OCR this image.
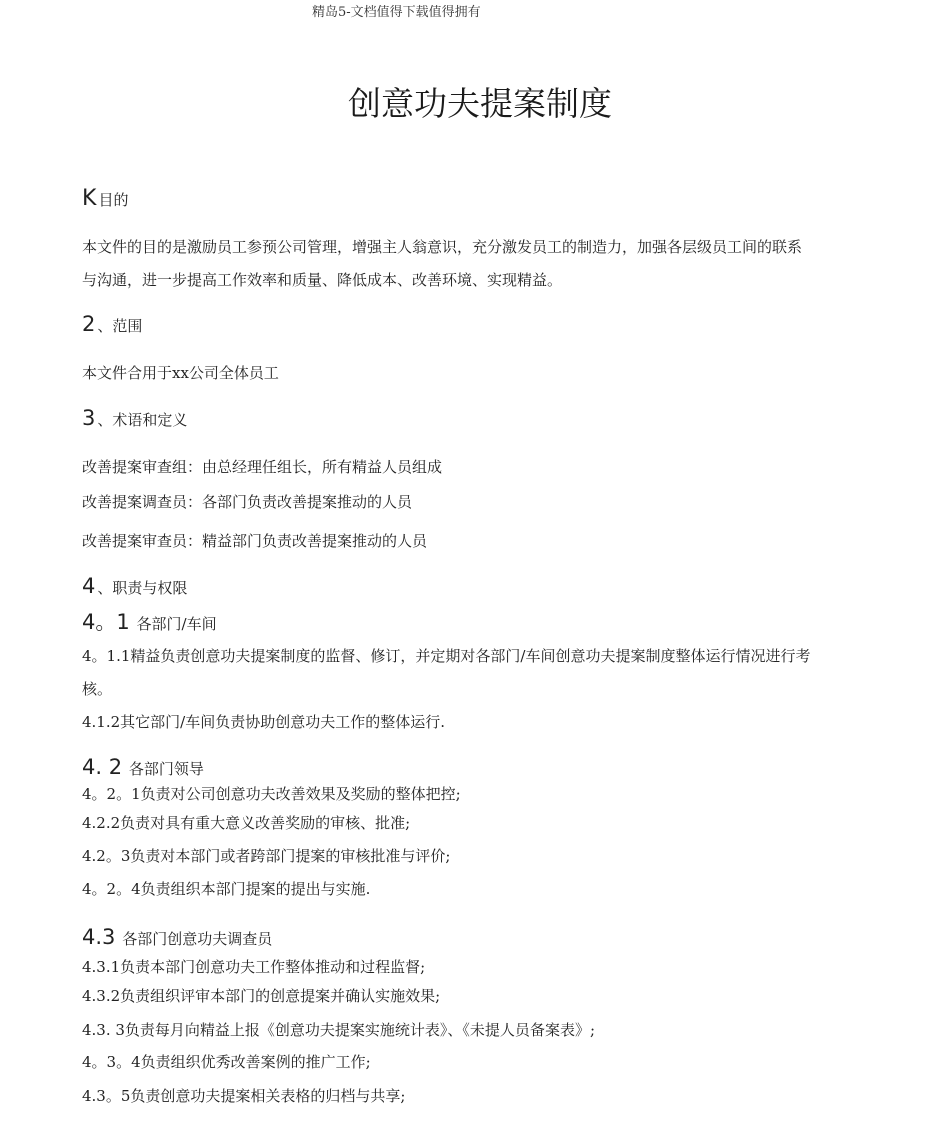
精岛5-文档值得下载值得拥有
创意功夫提案制度
K 目的
本文件的目的是激励员工参预公司管理，增强主人翁意识，充分激发员工的制造力，加强各层级员工间的联系
与沟通，进一步提高工作效率和质量、降低成本、改善环境、实现精益。
2 、范围
本文件合用于xx公司全体员工
3 、术语和定义
改善提案审查组：由总经理任组长，所有精益人员组成
改善提案调查员：各部门负责改善提案推动的人员
改善提案审查员：精益部门负责改善提案推动的人员
4 、职责与权限
4。1 各部门/车间
4。1.1精益负责创意功夫提案制度的监督、修订，并定期对各部门/车间创意功夫提案制度整体运行情况进行考
核。
4.1.2其它部门/车间负责协助创意功夫工作的整体运行.
4. 2 各部门领导
4。2。1负责对公司创意功夫改善效果及奖励的整体把控;
4.2.2负责对具有重大意义改善奖励的审核、批准;
4.2。3负责对本部门或者跨部门提案的审核批准与评价;
4。2。4负责组织本部门提案的提出与实施.
4.3 各部门创意功夫调查员
4.3.1负责本部门创意功夫工作整体推动和过程监督;
4.3.2负责组织评审本部门的创意提案并确认实施效果;
4.3. 3负责每月向精益上报《创意功夫提案实施统计表》、《未提人员备案表》;
4。3。4负责组织优秀改善案例的推广工作;
4.3。5负责创意功夫提案相关表格的归档与共享;
